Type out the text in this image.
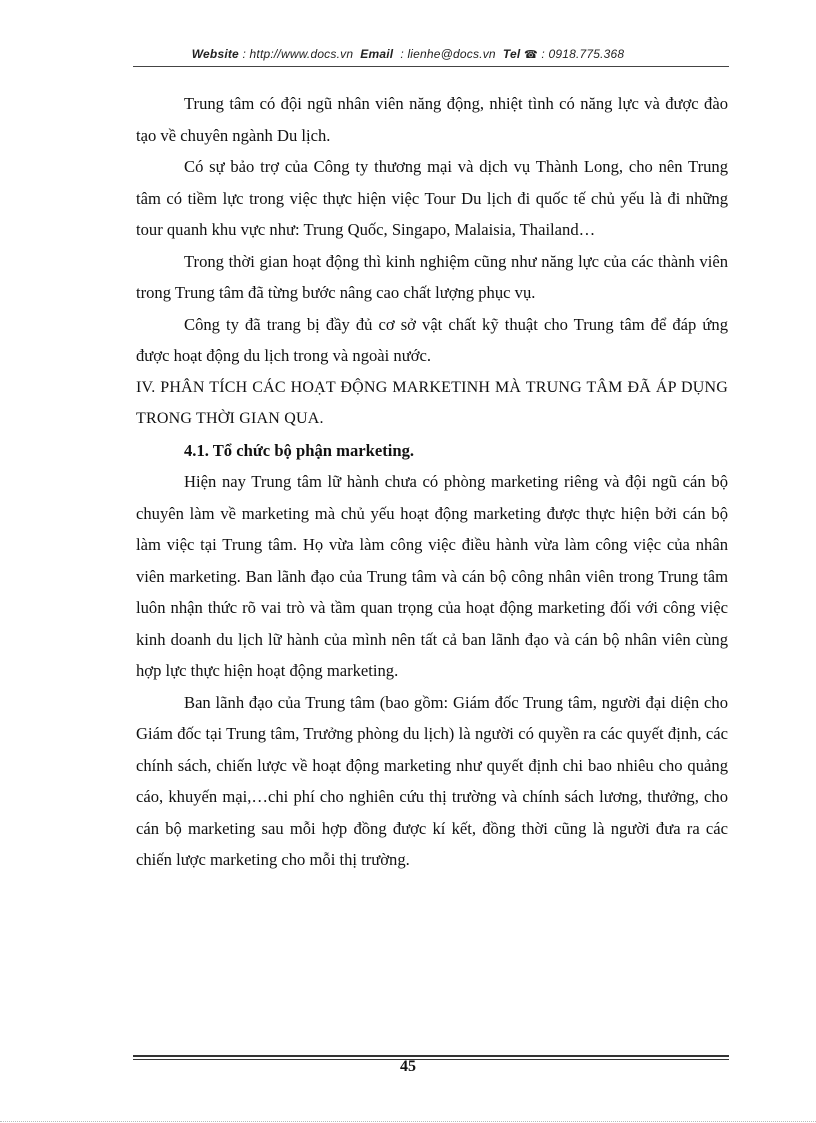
Website : http://www.docs.vn Email : lienhe@docs.vn Tel ☎ : 0918.775.368

Trung tâm có đội ngũ nhân viên năng động, nhiệt tình có năng lực và được đào tạo về chuyên ngành Du lịch.

Có sự bảo trợ của Công ty thương mại và dịch vụ Thành Long, cho nên Trung tâm có tiềm lực trong việc thực hiện việc Tour Du lịch đi quốc tế chủ yếu là đi những tour quanh khu vực như: Trung Quốc, Singapo, Malaisia, Thailand…

Trong thời gian hoạt động thì kinh nghiệm cũng như năng lực của các thành viên trong Trung tâm đã từng bước nâng cao chất lượng phục vụ.

Công ty đã trang bị đầy đủ cơ sở vật chất kỹ thuật cho Trung tâm để đáp ứng được hoạt động du lịch trong và ngoài nước.

IV. PHÂN TÍCH CÁC HOẠT ĐỘNG MARKETINH MÀ TRUNG TÂM ĐÃ ÁP DỤNG TRONG THỜI GIAN QUA.

4.1. Tổ chức bộ phận marketing.

Hiện nay Trung tâm lữ hành chưa có phòng marketing riêng và đội ngũ cán bộ chuyên làm về marketing mà chủ yếu hoạt động marketing được thực hiện bởi cán bộ làm việc tại Trung tâm. Họ vừa làm công việc điều hành vừa làm công việc của nhân viên marketing. Ban lãnh đạo của Trung tâm và cán bộ công nhân viên trong Trung tâm luôn nhận thức rõ vai trò và tầm quan trọng của hoạt động marketing đối với công việc kinh doanh du lịch lữ hành của mình nên tất cả ban lãnh đạo và cán bộ nhân viên cùng hợp lực thực hiện hoạt động marketing.

Ban lãnh đạo của Trung tâm (bao gồm: Giám đốc Trung tâm, người đại diện cho Giám đốc tại Trung tâm, Trưởng phòng du lịch) là người có quyền ra các quyết định, các chính sách, chiến lược về hoạt động marketing như quyết định chi bao nhiêu cho quảng cáo, khuyến mại,…chi phí cho nghiên cứu thị trường và chính sách lương, thưởng, cho cán bộ marketing sau mỗi hợp đồng được kí kết, đồng thời cũng là người đưa ra các chiến lược marketing cho mỗi thị trường.

45
